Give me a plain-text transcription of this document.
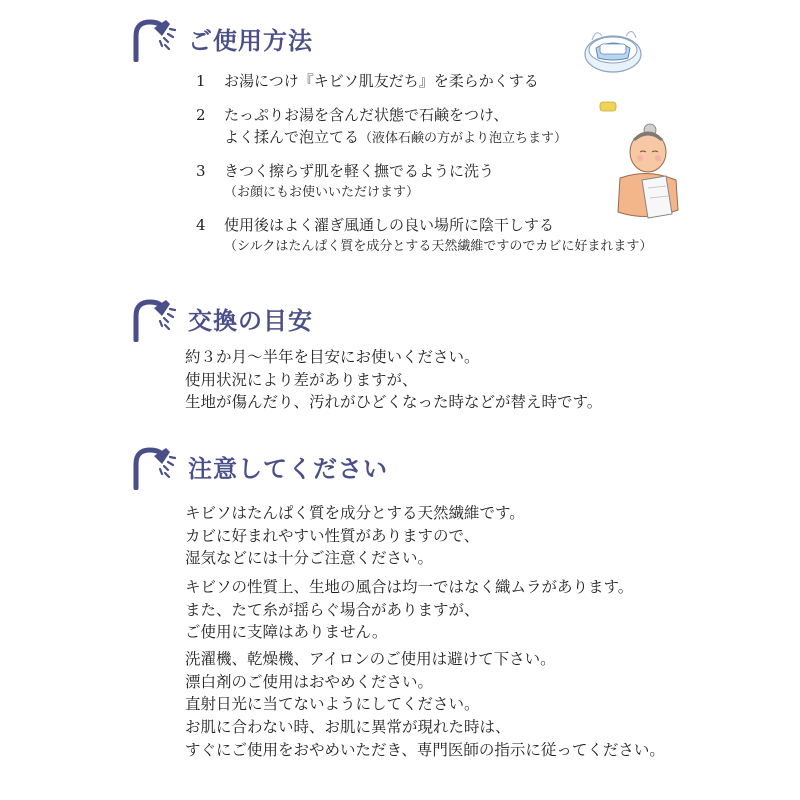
ご使用方法
1 お湯につけ『キビソ肌友だち』を柔らかくする
2 たっぷりお湯を含んだ状態で石鹸をつけ、
よく揉んで泡立てる（液体石鹸の方がより泡立ちます）
3 きつく擦らず肌を軽く撫でるように洗う
（お顔にもお使いいただけます）
4 使用後はよく濯ぎ風通しの良い場所に陰干しする
（シルクはたんぱく質を成分とする天然繊維ですのでカビに好まれます）
交換の目安
約３か月〜半年を目安にお使いください。
使用状況により差がありますが、
生地が傷んだり、汚れがひどくなった時などが替え時です。
注意してください
キビソはたんぱく質を成分とする天然繊維です。
カビに好まれやすい性質がありますので、
湿気などには十分ご注意ください。
キビソの性質上、生地の風合は均一ではなく織ムラがあります。
また、たて糸が揺らぐ場合がありますが、
ご使用に支障はありません。
洗濯機、乾燥機、アイロンのご使用は避けて下さい。
漂白剤のご使用はおやめください。
直射日光に当てないようにしてください。
お肌に合わない時、お肌に異常が現れた時は、
すぐにご使用をおやめいただき、専門医師の指示に従ってください。
